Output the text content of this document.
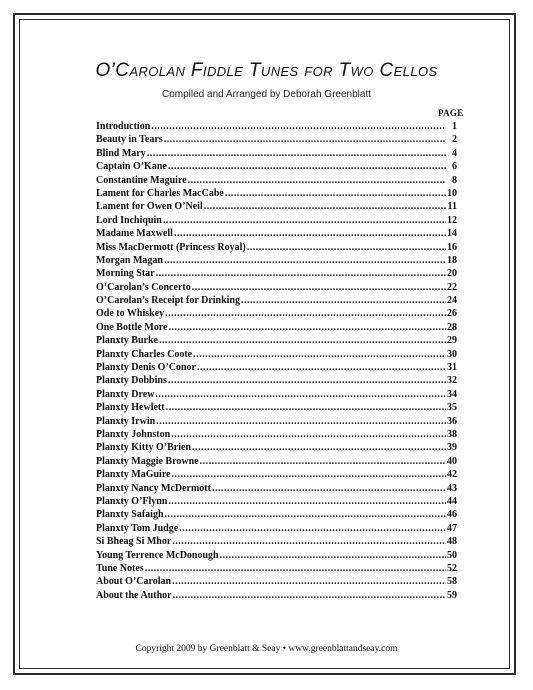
O’Carolan Fiddle Tunes for Two Cellos
Compiled and Arranged by Deborah Greenblatt
PAGE
Introduction .....	1
Beauty in Tears .....	2
Blind Mary .....	4
Captain O’Kane .....	6
Constantine Maguire .....	8
Lament for Charles MacCabe .....	10
Lament for Owen O’Neil .....	11
Lord Inchiquin .....	12
Madame Maxwell .....	14
Miss MacDermott (Princess Royal) .....	16
Morgan Magan .....	18
Morning Star .....	20
O’Carolan’s Concerto .....	22
O’Carolan’s Receipt for Drinking .....	24
Ode to Whiskey .....	26
One Bottle More .....	28
Planxty Burke .....	29
Planxty Charles Coote .....	30
Planxty Denis O’Conor .....	31
Planxty Dobbins .....	32
Planxty Drew .....	34
Planxty Hewlett .....	35
Planxty Irwin .....	36
Planxty Johnston .....	38
Planxty Kitty O’Brien .....	39
Planxty Maggie Browne .....	40
Planxty MaGuire .....	42
Planxty Nancy McDermott .....	43
Planxty O’Flynn .....	44
Planxty Safaigh .....	46
Planxty Tom Judge .....	47
Si Bheag Si Mhor .....	48
Young Terrence McDonough .....	50
Tune Notes .....	52
About O’Carolan .....	58
About the Author .....	59
Copyright 2009 by Greenblatt & Seay • www.greenblattandseay.com
